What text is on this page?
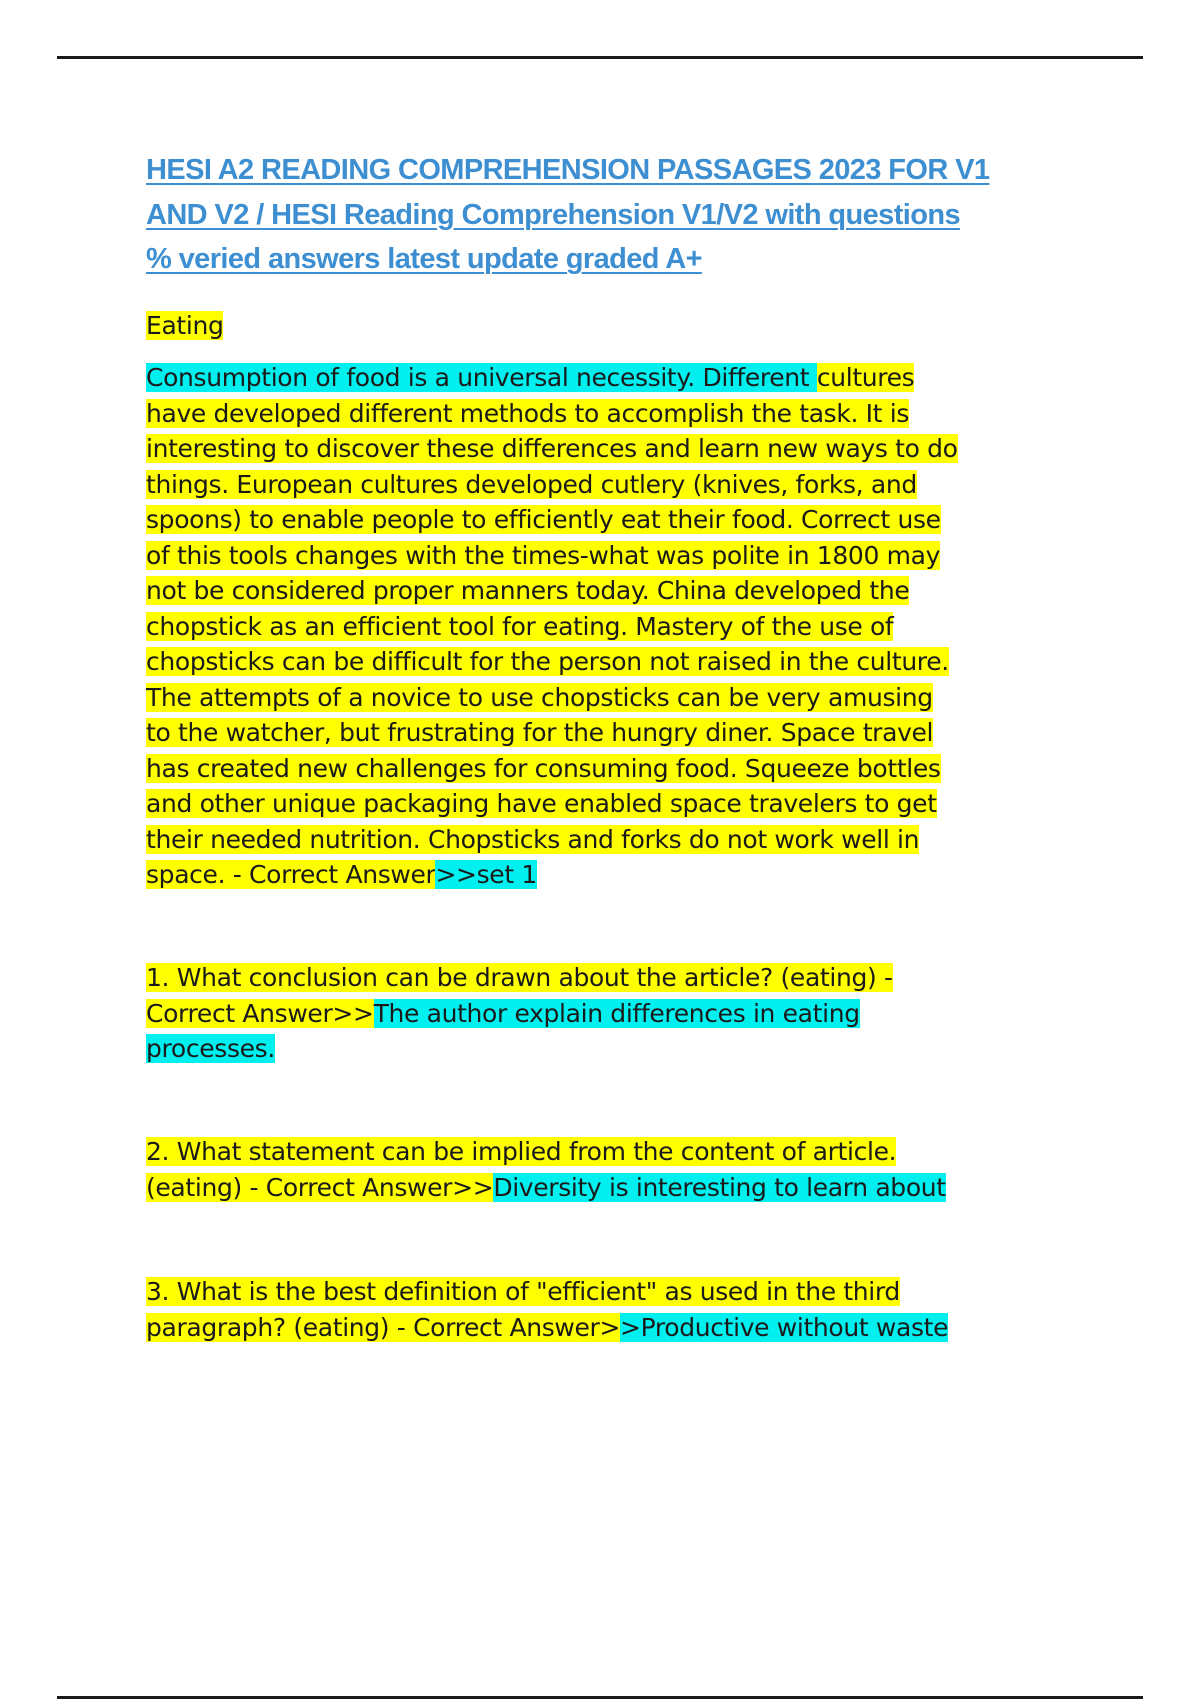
HESI A2 READING COMPREHENSION PASSAGES 2023 FOR V1
AND V2 / HESI Reading Comprehension V1/V2 with questions
% veried answers latest update graded A+
Eating
Consumption of food is a universal necessity. Different cultures
have developed different methods to accomplish the task. It is
interesting to discover these differences and learn new ways to do
things. European cultures developed cutlery (knives, forks, and
spoons) to enable people to efficiently eat their food. Correct use
of this tools changes with the times-what was polite in 1800 may
not be considered proper manners today. China developed the
chopstick as an efficient tool for eating. Mastery of the use of
chopsticks can be difficult for the person not raised in the culture.
The attempts of a novice to use chopsticks can be very amusing
to the watcher, but frustrating for the hungry diner. Space travel
has created new challenges for consuming food. Squeeze bottles
and other unique packaging have enabled space travelers to get
their needed nutrition. Chopsticks and forks do not work well in
space. - Correct Answer>>set 1
1. What conclusion can be drawn about the article? (eating) -
Correct Answer>>The author explain differences in eating
processes.
2. What statement can be implied from the content of article.
(eating) - Correct Answer>>Diversity is interesting to learn about
3. What is the best definition of "efficient" as used in the third
paragraph? (eating) - Correct Answer>>Productive without waste
